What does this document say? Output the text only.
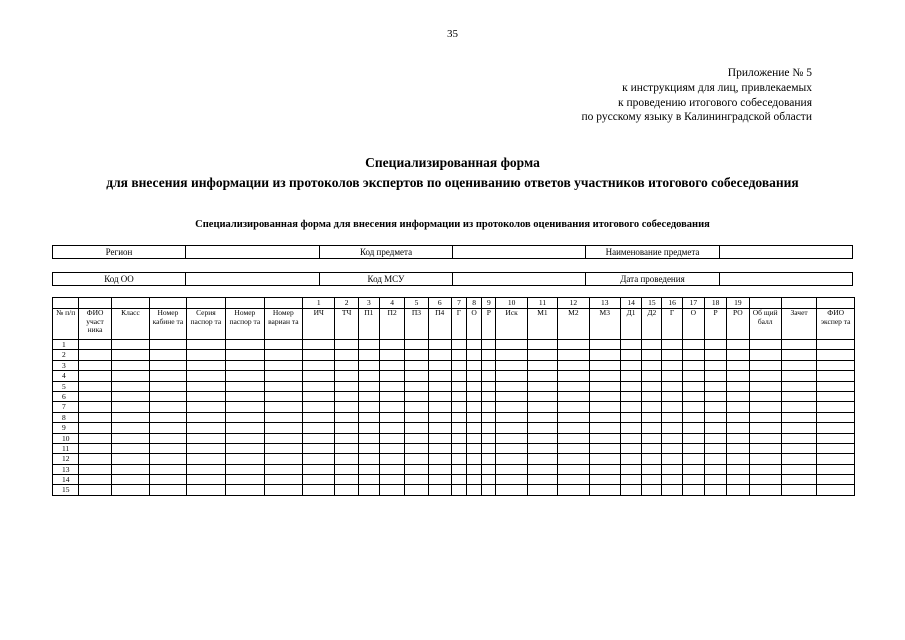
35
Приложение № 5
к инструкциям для лиц, привлекаемых
к проведению итогового собеседования
по русскому языку в Калининградской области
Специализированная форма
для внесения информации из протоколов экспертов по оцениванию ответов участников итогового собеседования
Специализированная форма для внесения информации из протоколов оценивания итогового собеседования
Регион		Код предмета		Наименование предмета	
Код ОО		Код МСУ		Дата проведения	
							1	2	3	4	5	6	7	8	9	10	11	12	13	14	15	16	17	18	19			
№ п/п	ФИО участ ника	Класс	Номер кабине та	Серия паспор та	Номер паспор та	Номер вариан та	ИЧ	ТЧ	П1	П2	П3	П4	Г	О	Р	Иск	М1	М2	М3	Д1	Д2	Г	О	Р	РО	Об щий балл	Зачет	ФИО экспер та
1																												
2																												
3																												
4																												
5																												
6																												
7																												
8																												
9																												
10																												
11																												
12																												
13																												
14																												
15																												
